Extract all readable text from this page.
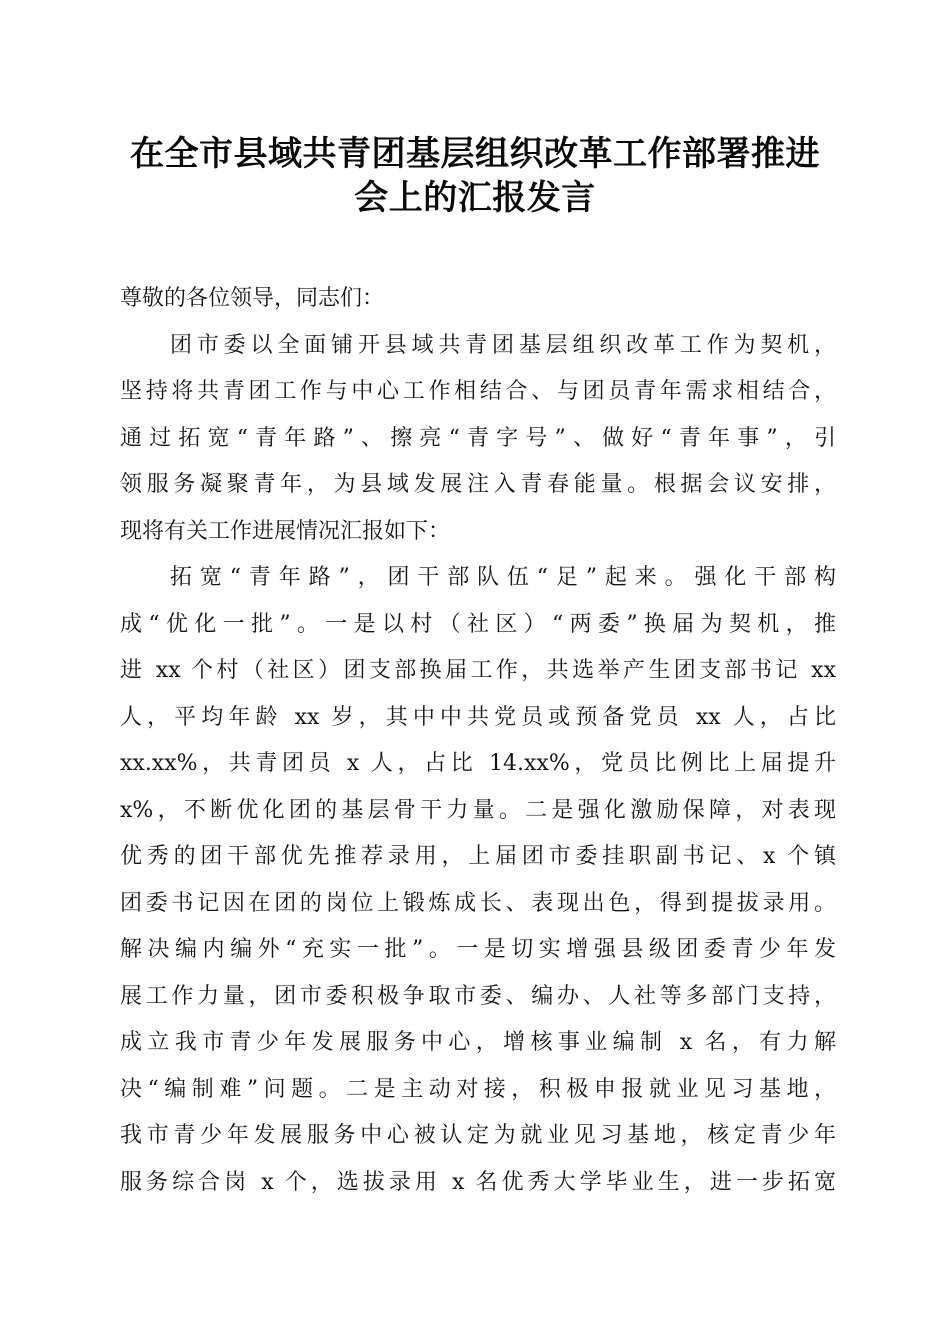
在全市县域共青团基层组织改革工作部署推进
会上的汇报发言
尊敬的各位领导，同志们：
团市委以全面铺开县域共青团基层组织改革工作为契机，
坚持将共青团工作与中心工作相结合、与团员青年需求相结合，
通过拓宽“青年路”、擦亮“青字号”、做好“青年事”，引
领服务凝聚青年，为县域发展注入青春能量。根据会议安排，
现将有关工作进展情况汇报如下：
拓宽“青年路”，团干部队伍“足”起来。强化干部构
成“优化一批”。一是以村（社区）“两委”换届为契机，推
进 xx 个村（社区）团支部换届工作，共选举产生团支部书记 xx
人，平均年龄 xx 岁，其中中共党员或预备党员 xx 人，占比
xx.xx%，共青团员 x 人，占比 14.xx%，党员比例比上届提升
x%，不断优化团的基层骨干力量。二是强化激励保障，对表现
优秀的团干部优先推荐录用，上届团市委挂职副书记、x 个镇
团委书记因在团的岗位上锻炼成长、表现出色，得到提拔录用。
解决编内编外“充实一批”。一是切实增强县级团委青少年发
展工作力量，团市委积极争取市委、编办、人社等多部门支持，
成立我市青少年发展服务中心，增核事业编制 x 名，有力解
决“编制难”问题。二是主动对接，积极申报就业见习基地，
我市青少年发展服务中心被认定为就业见习基地，核定青少年
服务综合岗 x 个，选拔录用 x 名优秀大学毕业生，进一步拓宽
